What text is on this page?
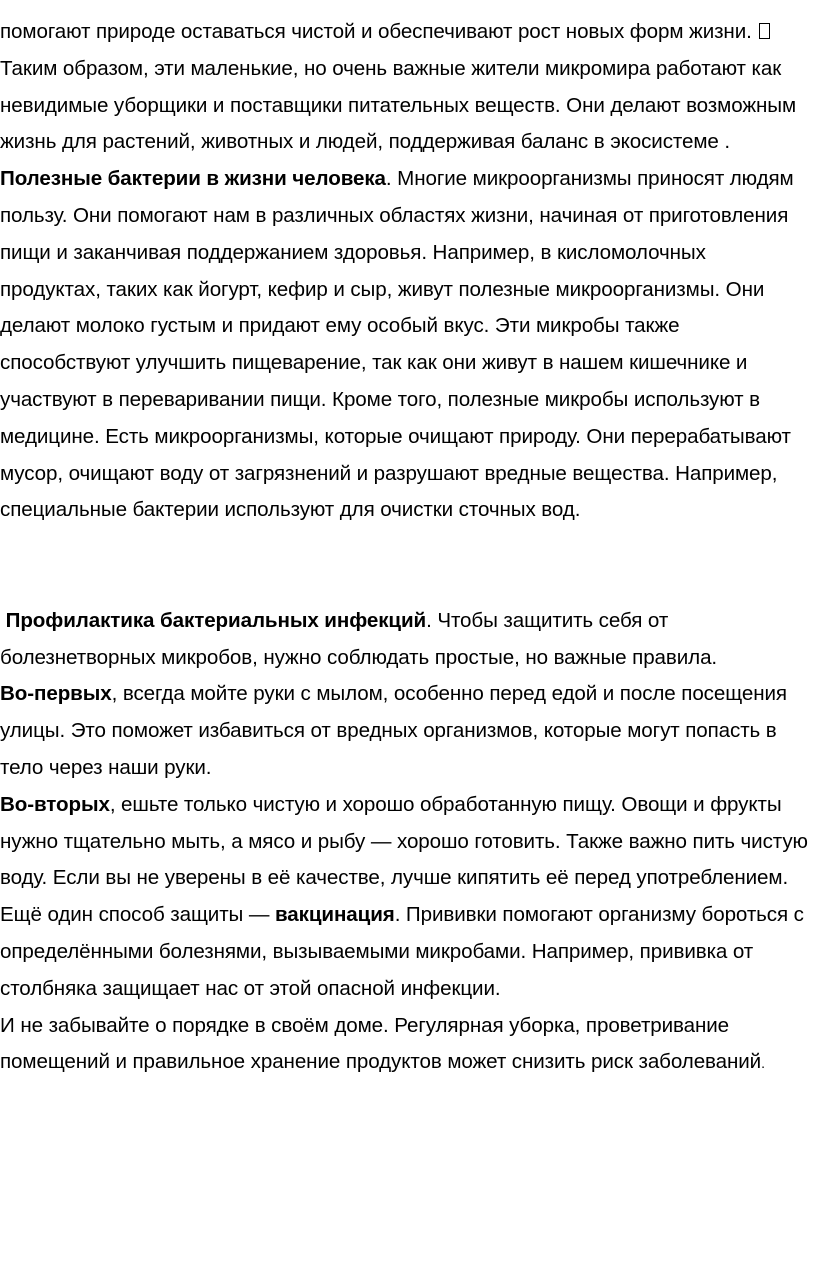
помогают природе оставаться чистой и обеспечивают рост новых форм жизни.  Таким образом, эти маленькие, но очень важные жители микромира работают как невидимые уборщики и поставщики питательных веществ. Они делают возможным жизнь для растений, животных и людей, поддерживая баланс в экосистеме .

Полезные бактерии в жизни человека. Многие микроорганизмы приносят людям пользу. Они помогают нам в различных областях жизни, начиная от приготовления пищи и заканчивая поддержанием здоровья. Например, в кисломолочных продуктах, таких как йогурт, кефир и сыр, живут полезные микроорганизмы. Они делают молоко густым и придают ему особый вкус. Эти микробы также способствуют улучшить пищеварение, так как они живут в нашем кишечнике и участвуют в переваривании пищи. Кроме того, полезные микробы используют в медицине. Есть микроорганизмы, которые очищают природу. Они перерабатывают мусор, очищают воду от загрязнений и разрушают вредные вещества. Например, специальные бактерии используют для очистки сточных вод.

Профилактика бактериальных инфекций. Чтобы защитить себя от болезнетворных микробов, нужно соблюдать простые, но важные правила.

Во-первых, всегда мойте руки с мылом, особенно перед едой и после посещения улицы. Это поможет избавиться от вредных организмов, которые могут попасть в тело через наши руки.

Во-вторых, ешьте только чистую и хорошо обработанную пищу. Овощи и фрукты нужно тщательно мыть, а мясо и рыбу — хорошо готовить. Также важно пить чистую воду. Если вы не уверены в её качестве, лучше кипятить её перед употреблением.

Ещё один способ защиты — вакцинация. Прививки помогают организму бороться с определёнными болезнями, вызываемыми микробами. Например, прививка от столбняка защищает нас от этой опасной инфекции.

И не забывайте о порядке в своём доме. Регулярная уборка, проветривание помещений и правильное хранение продуктов может снизить риск заболеваний.
